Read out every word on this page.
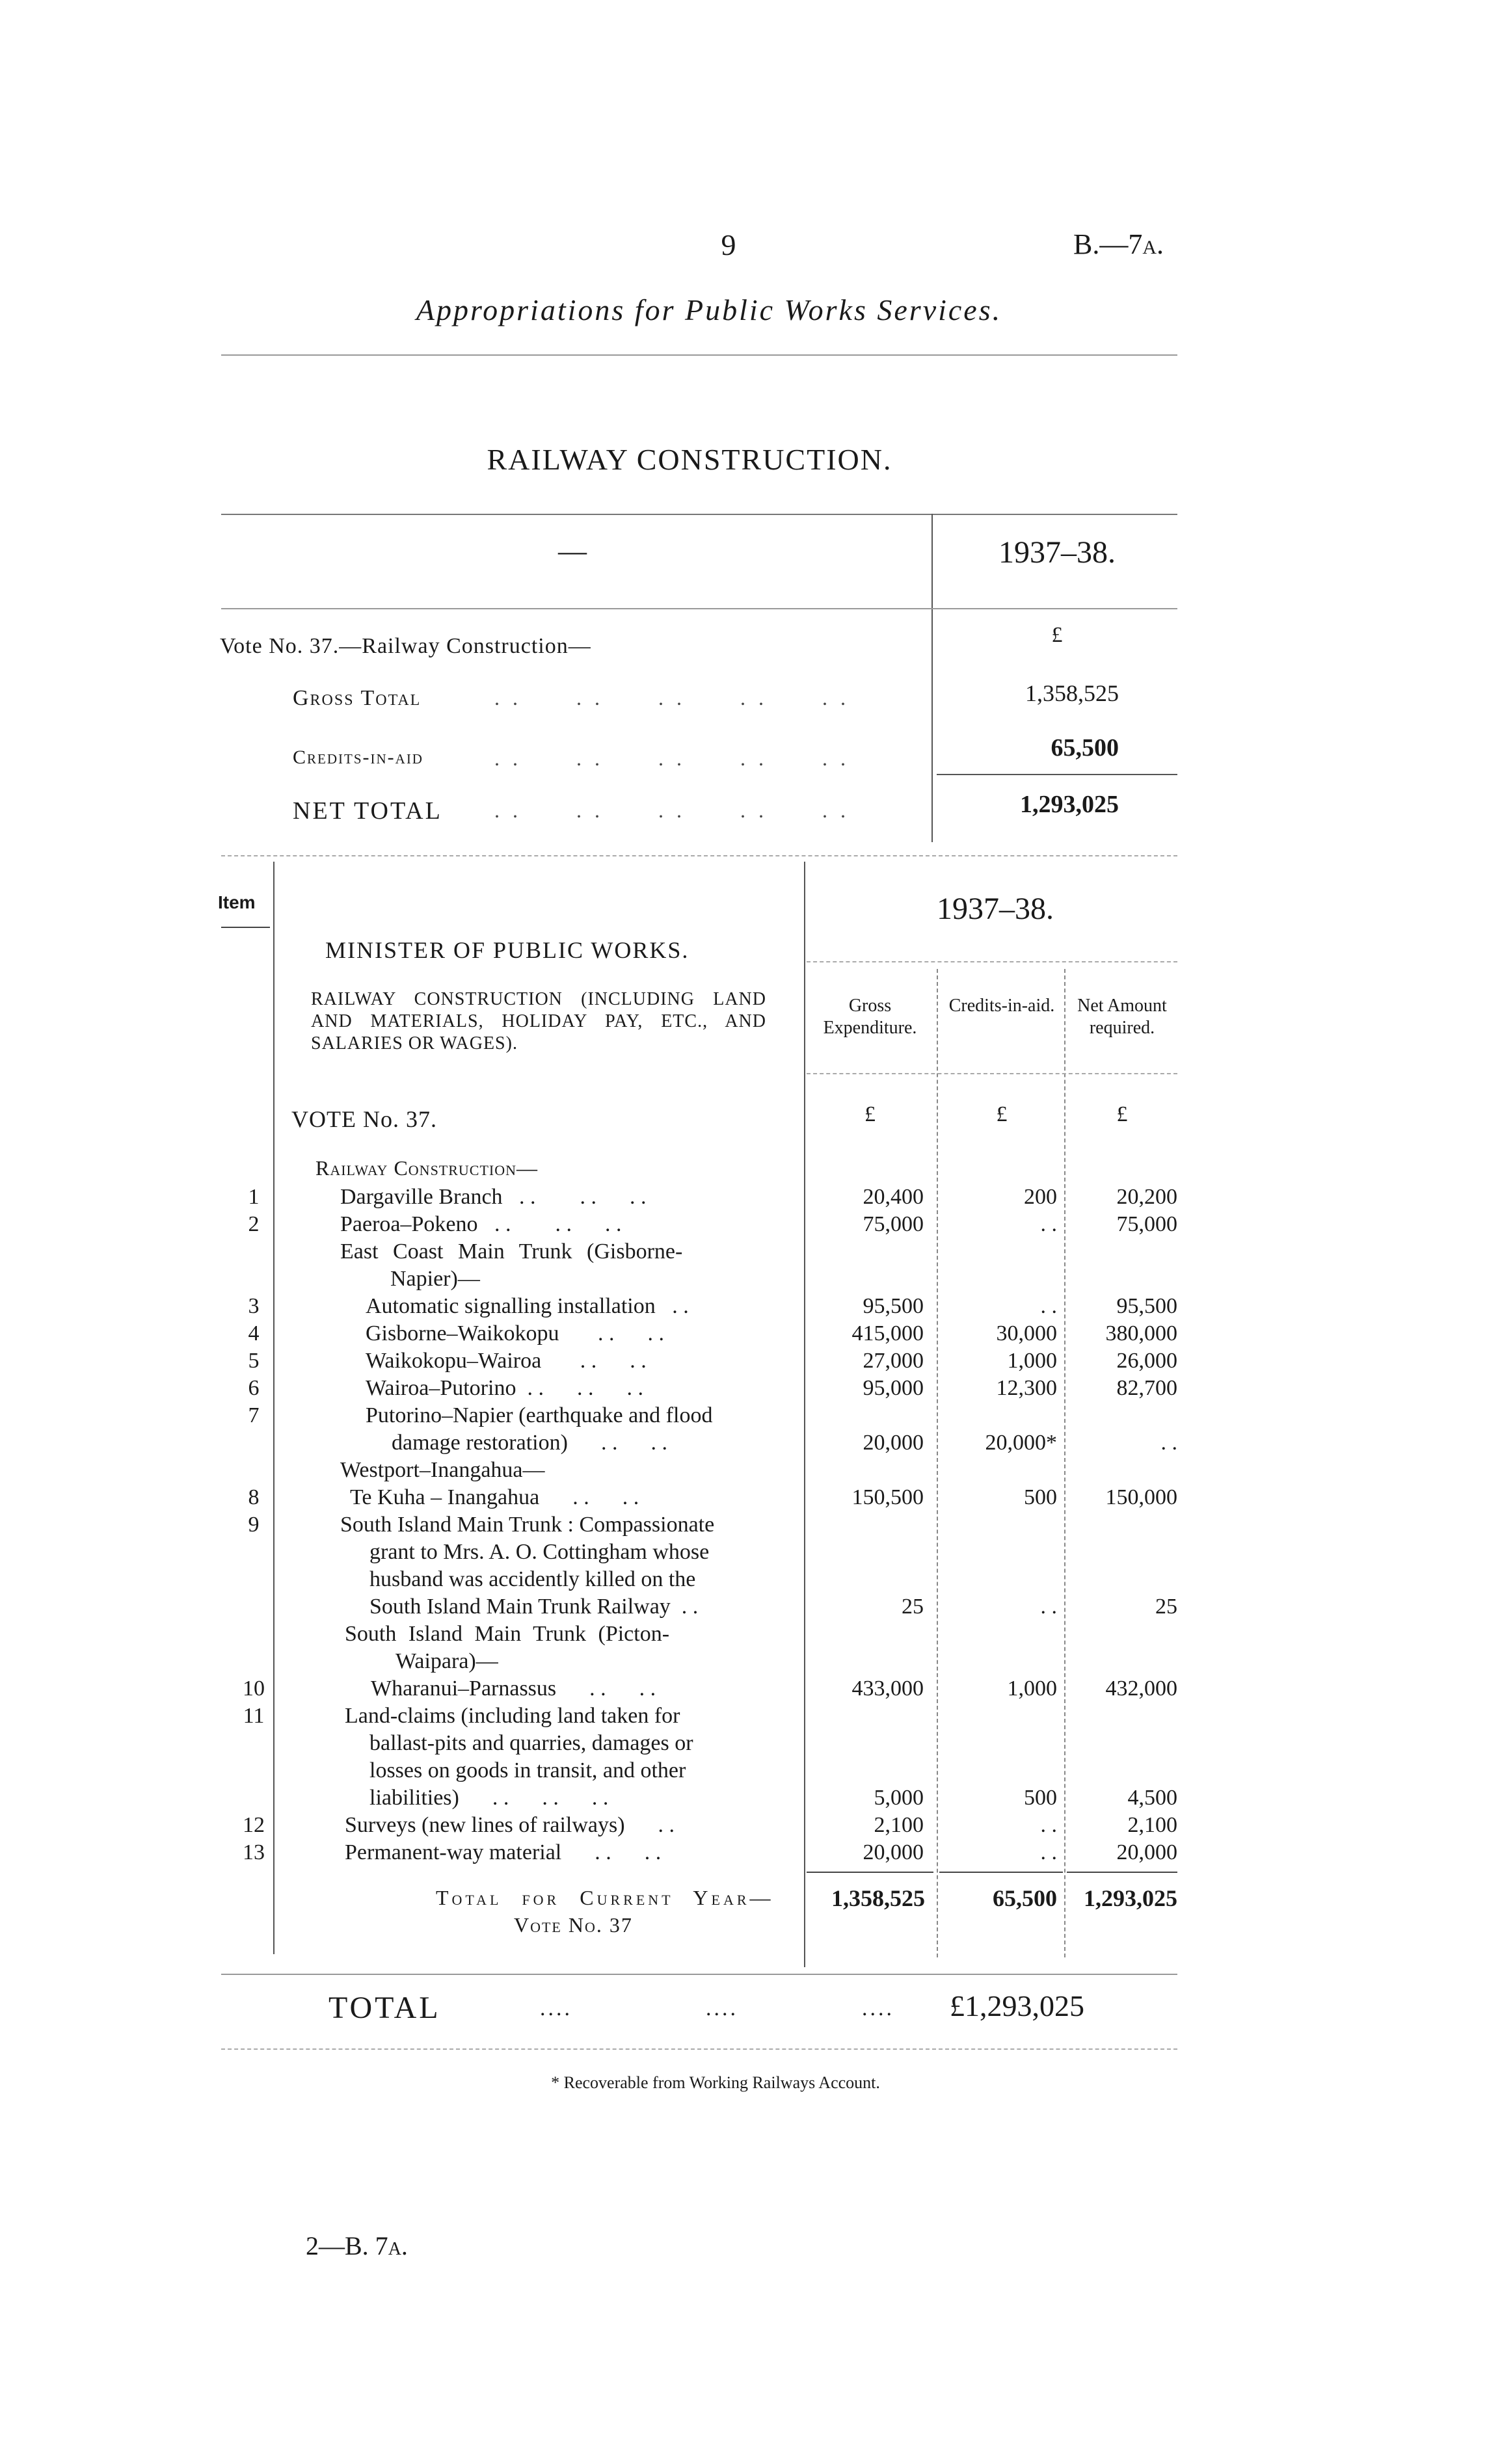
9	B.—7A.
Appropriations for Public Works Services.
RAILWAY CONSTRUCTION.
—	1937–38.
Vote No. 37.—Railway Construction—	£
Gross Total	. .      . .      . .      . .      . .	1,358,525
Credits-in-aid	. .      . .      . .      . .      . .	65,500
NET TOTAL	. .      . .      . .      . .      . .	1,293,025
Item	1937–38.
MINISTER OF PUBLIC WORKS.
RAILWAY CONSTRUCTION (INCLUDING LAND AND MATERIALS, HOLIDAY PAY, ETC., AND SALARIES OR WAGES).
Gross Expenditure.
Credits-in-aid.	Net Amount required.
VOTE No. 37.	£	£	£
Railway Construction—
1	Dargaville Branch   . .        . .      . .	20,400	200	20,200
2	Paeroa–Pokeno   . .        . .      . .	75,000	. .	75,000
East Coast Main Trunk (Gisborne-
Napier)—
3	Automatic signalling installation   . .	95,500	. .	95,500
4	Gisborne–Waikokopu       . .      . .	415,000	30,000	380,000
5	Waikokopu–Wairoa       . .      . .	27,000	1,000	26,000
6	Wairoa–Putorino  . .      . .      . .	95,000	12,300	82,700
7	Putorino–Napier (earthquake and flood
damage restoration)      . .      . .	20,000	20,000*	. .
Westport–Inangahua—
8	Te Kuha – Inangahua      . .      . .	150,500	500	150,000
9	South Island Main Trunk : Compassionate
grant to Mrs. A. O. Cottingham whose
husband was accidently killed on the
South Island Main Trunk Railway  . .	25	. .	25
South Island Main Trunk (Picton-
Waipara)—
10	Wharanui–Parnassus      . .      . .	433,000	1,000	432,000
11	Land-claims (including land taken for
ballast-pits and quarries, damages or
losses on goods in transit, and other
liabilities)      . .      . .      . .	5,000	500	4,500
12	Surveys (new lines of railways)      . .	2,100	. .	2,100
13	Permanent-way material      . .      . .	20,000	. .	20,000
Total for Current Year—
Vote No. 37
1,358,525	65,500	1,293,025
TOTAL	....	....	.... £1,293,025
* Recoverable from Working Railways Account.
2—B. 7A.
